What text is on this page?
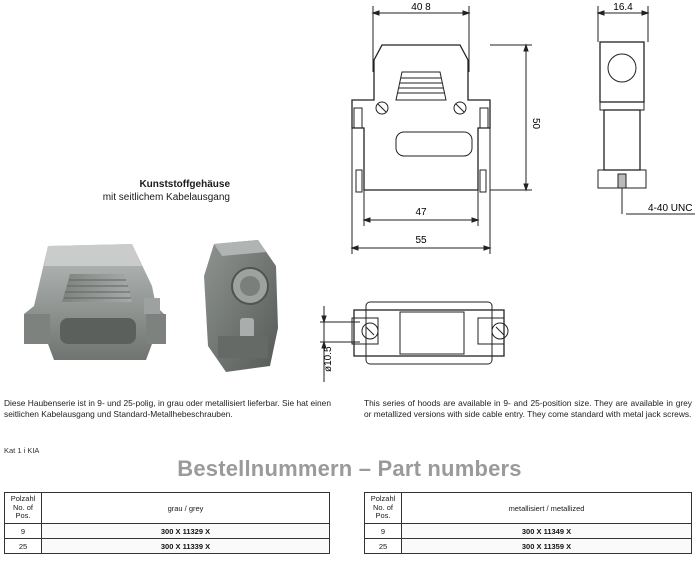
40 8
50
47
55
16.4
4-40 UNC
ø10.5
Kunststoffgehäuse
mit seitlichem Kabelausgang
Diese Haubenserie ist in 9- und 25-polig, in grau oder metallisiert lieferbar. Sie hat einen seitlichen Kabelausgang und Standard-Metallhebeschrauben.
This series of hoods are available in 9- and 25-position size. They are available in grey or metallized versions with side cable entry. They come standard with metal jack screws.
Kat 1 i KIA
Bestellnummern – Part numbers
Polzahl No. of Pos.	grau / grey
9	300 X 11329 X
25	300 X 11339 X
Polzahl No. of Pos.	metallisiert / metallized
9	300 X 11349 X
25	300 X 11359 X
